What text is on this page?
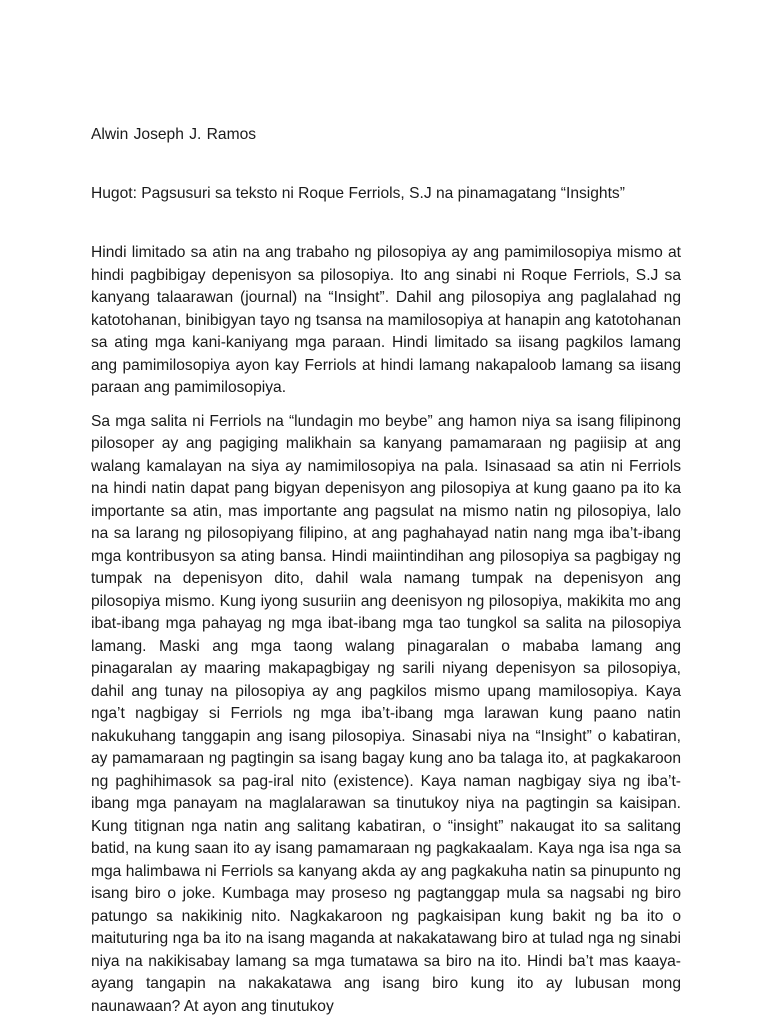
Alwin Joseph J. Ramos

Hugot: Pagsusuri sa teksto ni Roque Ferriols, S.J na pinamagatang “Insights”

Hindi limitado sa atin na ang trabaho ng pilosopiya ay ang pamimilosopiya mismo at hindi pagbibigay depenisyon sa pilosopiya. Ito ang sinabi ni Roque Ferriols, S.J sa kanyang talaarawan (journal) na “Insight”. Dahil ang pilosopiya ang paglalahad ng katotohanan, binibigyan tayo ng tsansa na mamilosopiya at hanapin ang katotohanan sa ating mga kani-kaniyang mga paraan. Hindi limitado sa iisang pagkilos lamang ang pamimilosopiya ayon kay Ferriols at hindi lamang nakapaloob lamang sa iisang paraan ang pamimilosopiya.

Sa mga salita ni Ferriols na “lundagin mo beybe” ang hamon niya sa isang filipinong pilosoper ay ang pagiging malikhain sa kanyang pamamaraan ng pagiisip at ang walang kamalayan na siya ay namimilosopiya na pala. Isinasaad sa atin ni Ferriols na hindi natin dapat pang bigyan depenisyon ang pilosopiya at kung gaano pa ito ka importante sa atin, mas importante ang pagsulat na mismo natin ng pilosopiya, lalo na sa larang ng pilosopiyang filipino, at ang paghahayad natin nang mga iba’t-ibang mga kontribusyon sa ating bansa. Hindi maiintindihan ang pilosopiya sa pagbigay ng tumpak na depenisyon dito, dahil wala namang tumpak na depenisyon ang pilosopiya mismo. Kung iyong susuriin ang deenisyon ng pilosopiya, makikita mo ang ibat-ibang mga pahayag ng mga ibat-ibang mga tao tungkol sa salita na pilosopiya lamang. Maski ang mga taong walang pinagaralan o mababa lamang ang pinagaralan ay maaring makapagbigay ng sarili niyang depenisyon sa pilosopiya, dahil ang tunay na pilosopiya ay ang pagkilos mismo upang mamilosopiya. Kaya nga’t nagbigay si Ferriols ng mga iba’t-ibang mga larawan kung paano natin nakukuhang tanggapin ang isang pilosopiya. Sinasabi niya na “Insight” o kabatiran, ay pamamaraan ng pagtingin sa isang bagay kung ano ba talaga ito, at pagkakaroon ng paghihimasok sa pag-iral nito (existence). Kaya naman nagbigay siya ng iba’t-ibang mga panayam na maglalarawan sa tinutukoy niya na pagtingin sa kaisipan. Kung titignan nga natin ang salitang kabatiran, o “insight” nakaugat ito sa salitang batid, na kung saan ito ay isang pamamaraan ng pagkakaalam. Kaya nga isa nga sa mga halimbawa ni Ferriols sa kanyang akda ay ang pagkakuha natin sa pinupunto ng isang biro o joke. Kumbaga may proseso ng pagtanggap mula sa nagsabi ng biro patungo sa nakikinig nito. Nagkakaroon ng pagkaisipan kung bakit ng ba ito o maituturing nga ba ito na isang maganda at nakakatawang biro at tulad nga ng sinabi niya na nakikisabay lamang sa mga tumatawa sa biro na ito. Hindi ba’t mas kaaya-ayang tangapin na nakakatawa ang isang biro kung ito ay lubusan mong naunawaan? At ayon ang tinutukoy
